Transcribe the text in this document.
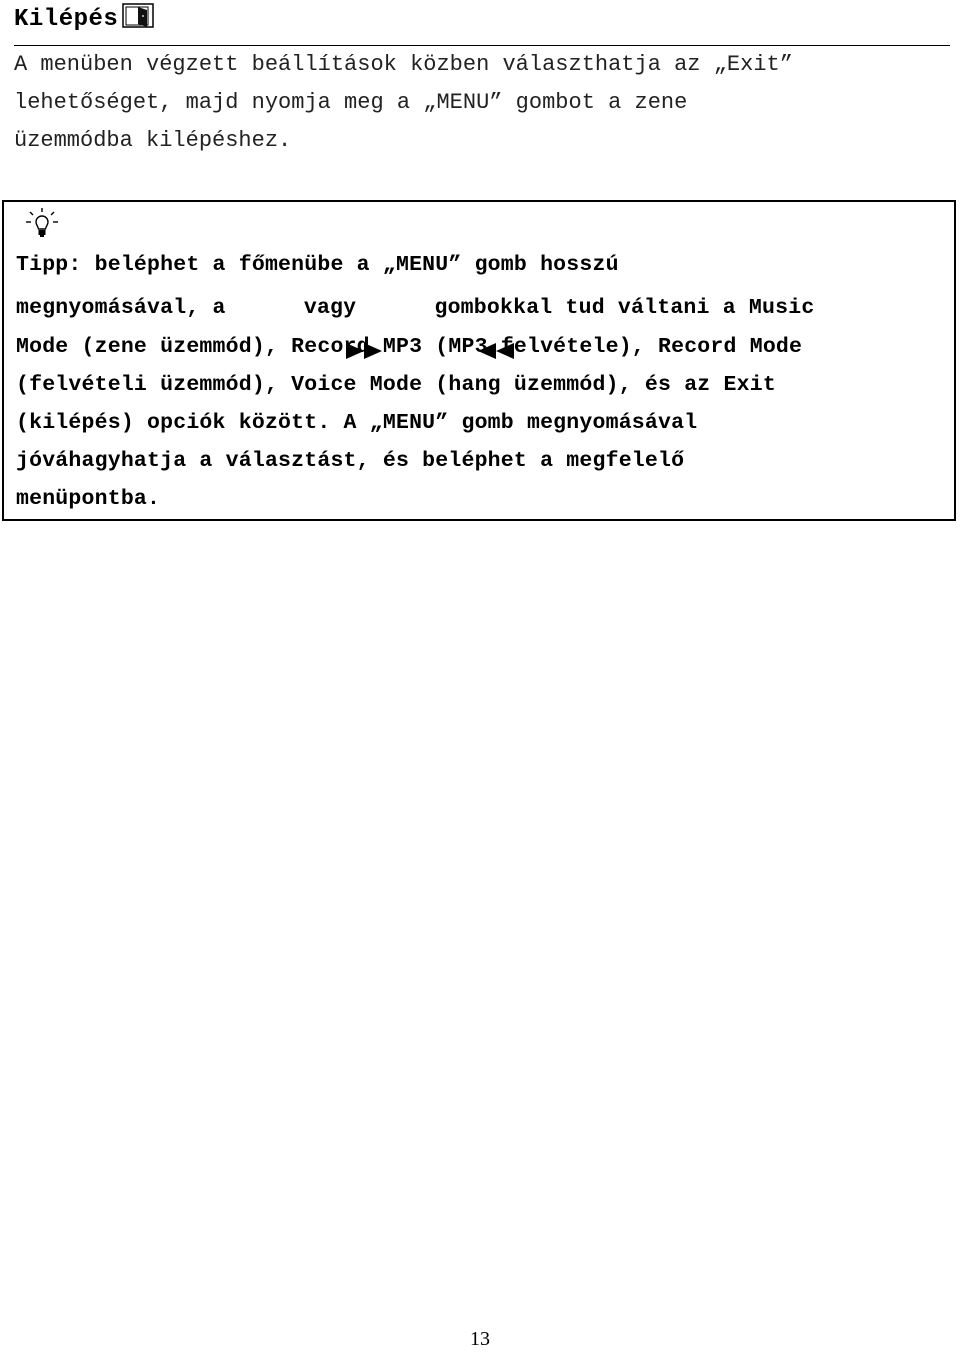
Kilépés
A menüben végzett beállítások közben választhatja az „Exit”
lehetőséget, majd nyomja meg a „MENU” gombot a zene
üzemmódba kilépéshez.
Tipp: beléphet a főmenübe a „MENU” gomb hosszú
megnyomásával, a

vagy

gombokkal tud váltani a Music
Mode (zene üzemmód), Record MP3 (MP3 felvétele), Record Mode
(felvételi üzemmód), Voice Mode (hang üzemmód), és az Exit
(kilépés) opciók között. A „MENU” gomb megnyomásával
jóváhagyhatja a választást, és beléphet a megfelelő
menüpontba.
13
